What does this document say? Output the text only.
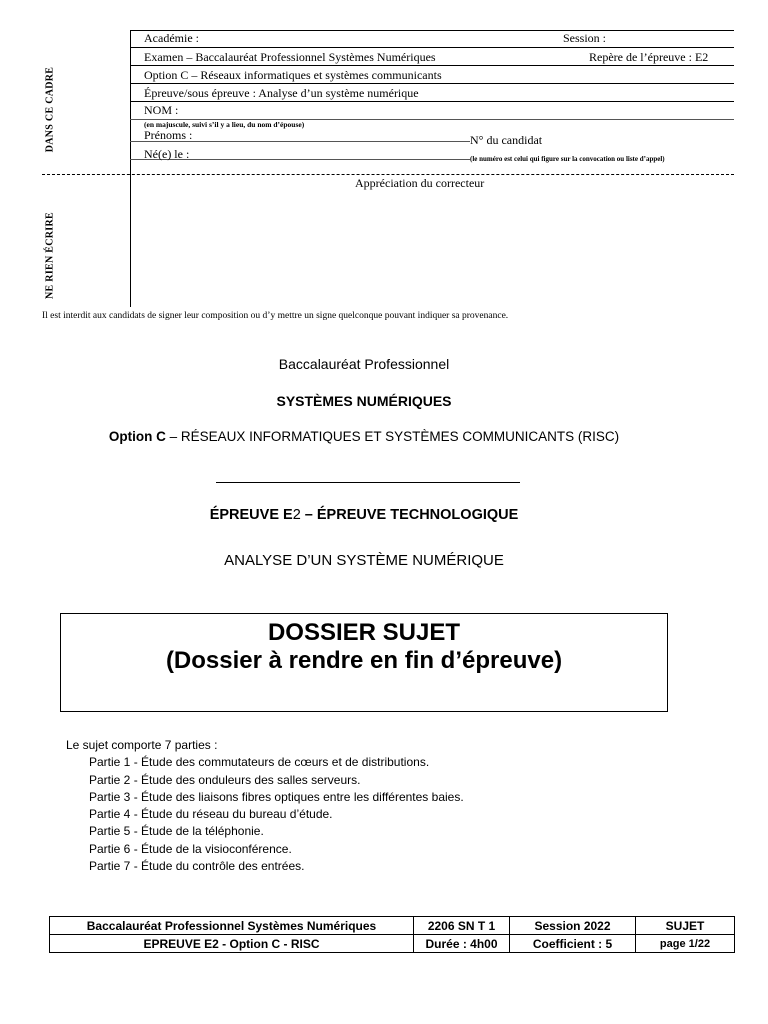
Académie :	Session :
Examen – Baccalauréat Professionnel Systèmes Numériques	Repère de l’épreuve : E2
Option C – Réseaux informatiques et systèmes communicants
Épreuve/sous épreuve : Analyse d’un système numérique
NOM :
(en majuscule, suivi s’il y a lieu, du nom d’épouse)
Prénoms :	N° du candidat
Né(e) le :	(le numéro est celui qui figure sur la convocation ou liste d’appel)
Appréciation du correcteur
DANS CE CADRE
NE RIEN ÉCRIRE
Il est interdit aux candidats de signer leur composition ou d’y mettre un signe quelconque pouvant indiquer sa provenance.
Baccalauréat Professionnel
SYSTÈMES NUMÉRIQUES
Option C – RÉSEAUX INFORMATIQUES ET SYSTÈMES COMMUNICANTS (RISC)
ÉPREUVE E2 – ÉPREUVE TECHNOLOGIQUE
ANALYSE D’UN SYSTÈME NUMÉRIQUE
DOSSIER SUJET
(Dossier à rendre en fin d’épreuve)
Le sujet comporte 7 parties :
Partie 1 - Étude des commutateurs de cœurs et de distributions.
Partie 2 - Étude des onduleurs des salles serveurs.
Partie 3 - Étude des liaisons fibres optiques entre les différentes baies.
Partie 4 - Étude du réseau du bureau d’étude.
Partie 5 - Étude de la téléphonie.
Partie 6 - Étude de la visioconférence.
Partie 7 - Étude du contrôle des entrées.
Baccalauréat Professionnel Systèmes Numériques	2206 SN T 1	Session 2022	SUJET
EPREUVE E2 - Option C - RISC	Durée : 4h00	Coefficient : 5	page 1/22
